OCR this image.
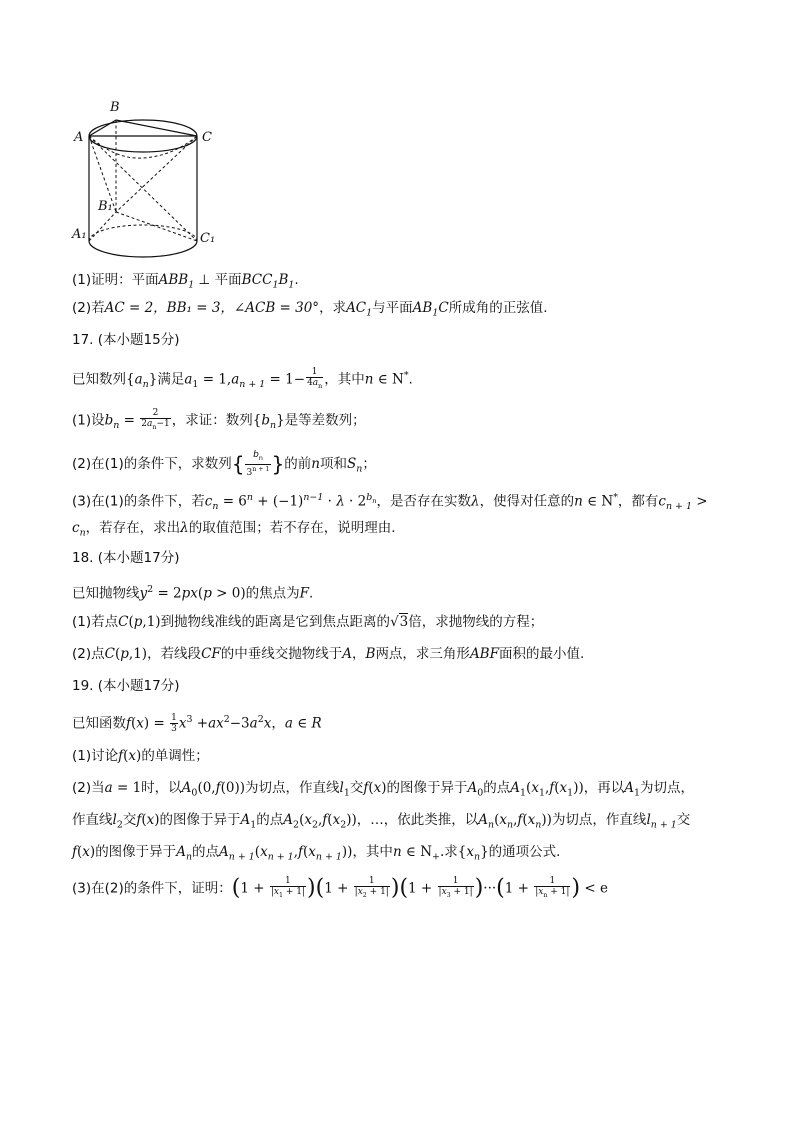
B
A	C
B₁
A₁	C₁
(1)证明：平面$ABB_1$ ⊥ 平面$BCC_1B_1$.
(2)若AC = 2，BB₁ = 3，∠ACB = 30°，求$AC_1$与平面$AB_1C$所成角的正弦值.
17. (本小题15分)
已知数列$\{a_n\}$满足$a_1 = 1,a_{n + 1} = 1- \frac{1}{4a_n}$ ，其中n ∈ N*.
(1)设$b_n = \frac{2}{2a_n-1}$ ，求证：数列$\{b_n\}$是等差数列；
(2)在(1)的条件下，求数列{ $\frac{b_n}{3^{n + 1}}$ }的前n项和$S_n$；
(3)在(1)的条件下，若$c_n = 6^n + (-1)^{n-1} \cdot \lambda \cdot 2^{b_n}$，是否存在实数λ，使得对任意的n ∈ N*，都有$c_{n + 1}$ >
$c_n$，若存在，求出λ的取值范围；若不存在，说明理由.
18. (本小题17分)
已知抛物线$y^2 = 2px(p > 0)$的焦点为F.
(1)若点C(p,1)到抛物线准线的距离是它到焦点距离的√3倍，求抛物线的方程；
(2)点C(p,1)，若线段CF的中垂线交抛物线于A，B两点，求三角形ABF面积的最小值.
19. (本小题17分)
已知函数$f(x) = \frac{1}{3} x^3 +ax^2-3a^2x$，a ∈ R
(1)讨论f(x)的单调性；
(2)当a = 1时，以$A_0(0,f(0))$为切点，作直线$l_1$交f(x)的图像于异于$A_0$的点$A_1(x_1,f(x_1))$，再以$A_1$为切点，
作直线$l_2$交f(x)的图像于异于$A_1$的点$A_2(x_2,f(x_2))$，…，依此类推，以$A_n(x_n,f(x_n))$为切点，作直线$l_{n + 1}$交
f(x)的图像于异于$A_n$的点$A_{n + 1}(x_{n + 1},f(x_{n + 1}))$，其中n ∈ $N_+$.求$\{x_n\}$的通项公式.
(3)在(2)的条件下，证明：$(1 + \frac{1}{|x_1 + 1|} )(1 + \frac{1}{|x_2 + 1|} )(1 + \frac{1}{|x_3 + 1|} )\cdot\cdot\cdot(1 + \frac{1}{|x_n + 1|}$ ) < e
